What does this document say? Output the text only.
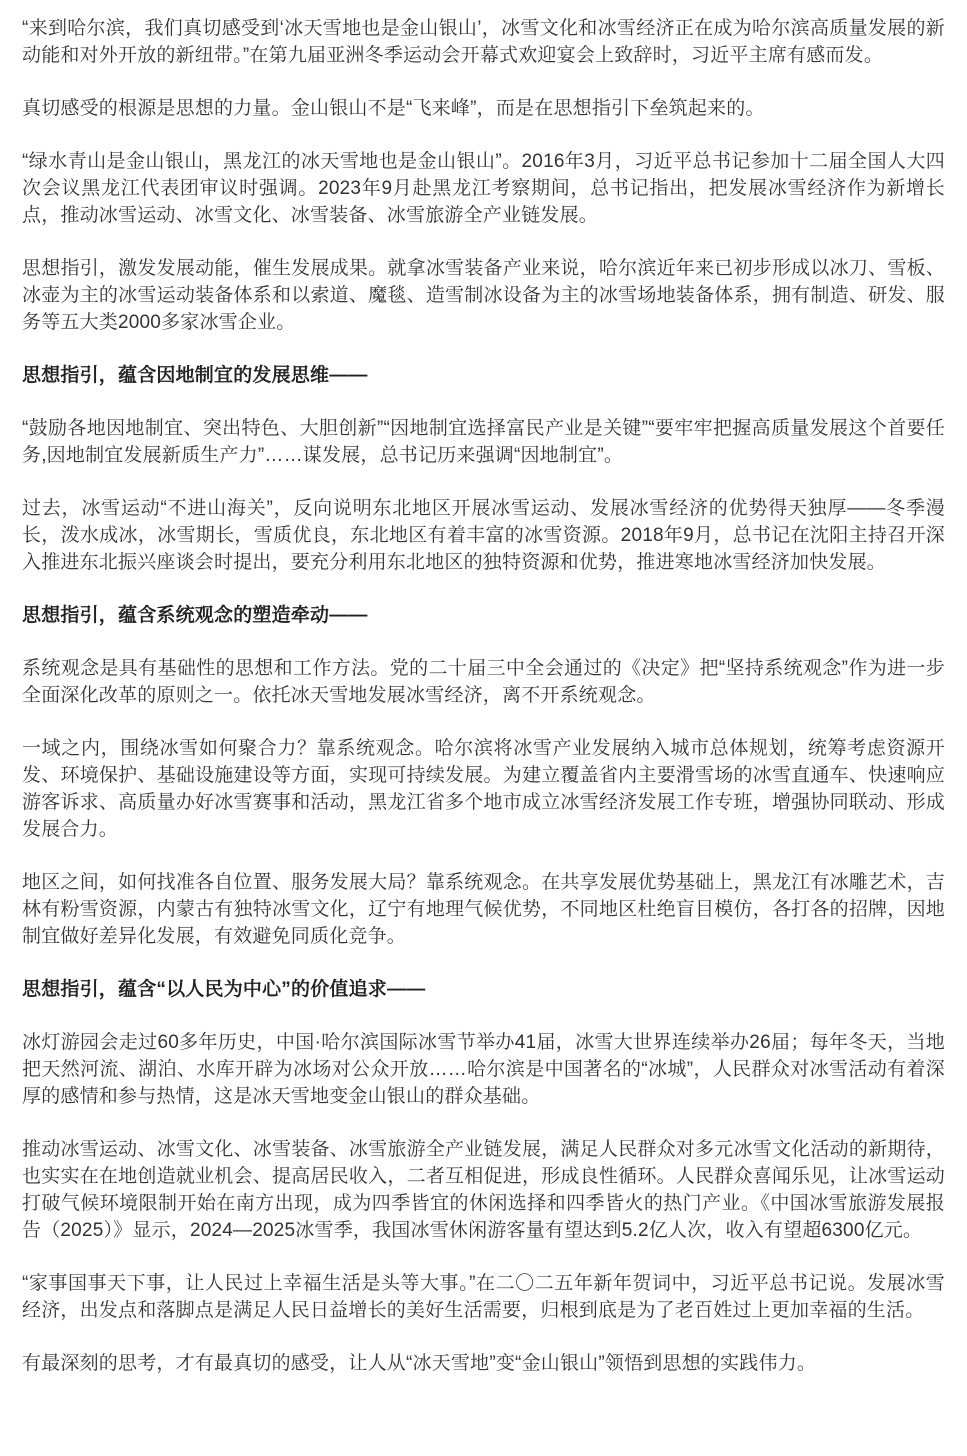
“来到哈尔滨，我们真切感受到‘冰天雪地也是金山银山’，冰雪文化和冰雪经济正在成为哈尔滨高质量发展的新动能和对外开放的新纽带。”在第九届亚洲冬季运动会开幕式欢迎宴会上致辞时，习近平主席有感而发。

真切感受的根源是思想的力量。金山银山不是“飞来峰”，而是在思想指引下垒筑起来的。

“绿水青山是金山银山，黑龙江的冰天雪地也是金山银山”。2016年3月，习近平总书记参加十二届全国人大四次会议黑龙江代表团审议时强调。2023年9月赴黑龙江考察期间，总书记指出，把发展冰雪经济作为新增长点，推动冰雪运动、冰雪文化、冰雪装备、冰雪旅游全产业链发展。

思想指引，激发发展动能，催生发展成果。就拿冰雪装备产业来说，哈尔滨近年来已初步形成以冰刀、雪板、冰壶为主的冰雪运动装备体系和以索道、魔毯、造雪制冰设备为主的冰雪场地装备体系，拥有制造、研发、服务等五大类2000多家冰雪企业。

思想指引，蕴含因地制宜的发展思维——

“鼓励各地因地制宜、突出特色、大胆创新”“因地制宜选择富民产业是关键”“要牢牢把握高质量发展这个首要任务,因地制宜发展新质生产力”……谋发展，总书记历来强调“因地制宜”。

过去，冰雪运动“不进山海关”，反向说明东北地区开展冰雪运动、发展冰雪经济的优势得天独厚——冬季漫长，泼水成冰，冰雪期长，雪质优良，东北地区有着丰富的冰雪资源。2018年9月，总书记在沈阳主持召开深入推进东北振兴座谈会时提出，要充分利用东北地区的独特资源和优势，推进寒地冰雪经济加快发展。

思想指引，蕴含系统观念的塑造牵动——

系统观念是具有基础性的思想和工作方法。党的二十届三中全会通过的《决定》把“坚持系统观念”作为进一步全面深化改革的原则之一。依托冰天雪地发展冰雪经济，离不开系统观念。

一域之内，围绕冰雪如何聚合力？靠系统观念。哈尔滨将冰雪产业发展纳入城市总体规划，统筹考虑资源开发、环境保护、基础设施建设等方面，实现可持续发展。为建立覆盖省内主要滑雪场的冰雪直通车、快速响应游客诉求、高质量办好冰雪赛事和活动，黑龙江省多个地市成立冰雪经济发展工作专班，增强协同联动、形成发展合力。

地区之间，如何找准各自位置、服务发展大局？靠系统观念。在共享发展优势基础上，黑龙江有冰雕艺术，吉林有粉雪资源，内蒙古有独特冰雪文化，辽宁有地理气候优势，不同地区杜绝盲目模仿，各打各的招牌，因地制宜做好差异化发展，有效避免同质化竞争。

思想指引，蕴含“以人民为中心”的价值追求——

冰灯游园会走过60多年历史，中国·哈尔滨国际冰雪节举办41届，冰雪大世界连续举办26届；每年冬天，当地把天然河流、湖泊、水库开辟为冰场对公众开放……哈尔滨是中国著名的“冰城”，人民群众对冰雪活动有着深厚的感情和参与热情，这是冰天雪地变金山银山的群众基础。

推动冰雪运动、冰雪文化、冰雪装备、冰雪旅游全产业链发展，满足人民群众对多元冰雪文化活动的新期待，也实实在在地创造就业机会、提高居民收入，二者互相促进，形成良性循环。人民群众喜闻乐见，让冰雪运动打破气候环境限制开始在南方出现，成为四季皆宜的休闲选择和四季皆火的热门产业。《中国冰雪旅游发展报告（2025）》显示，2024—2025冰雪季，我国冰雪休闲游客量有望达到5.2亿人次，收入有望超6300亿元。

“家事国事天下事，让人民过上幸福生活是头等大事。”在二〇二五年新年贺词中，习近平总书记说。发展冰雪经济，出发点和落脚点是满足人民日益增长的美好生活需要，归根到底是为了老百姓过上更加幸福的生活。

有最深刻的思考，才有最真切的感受，让人从“冰天雪地”变“金山银山”领悟到思想的实践伟力。
